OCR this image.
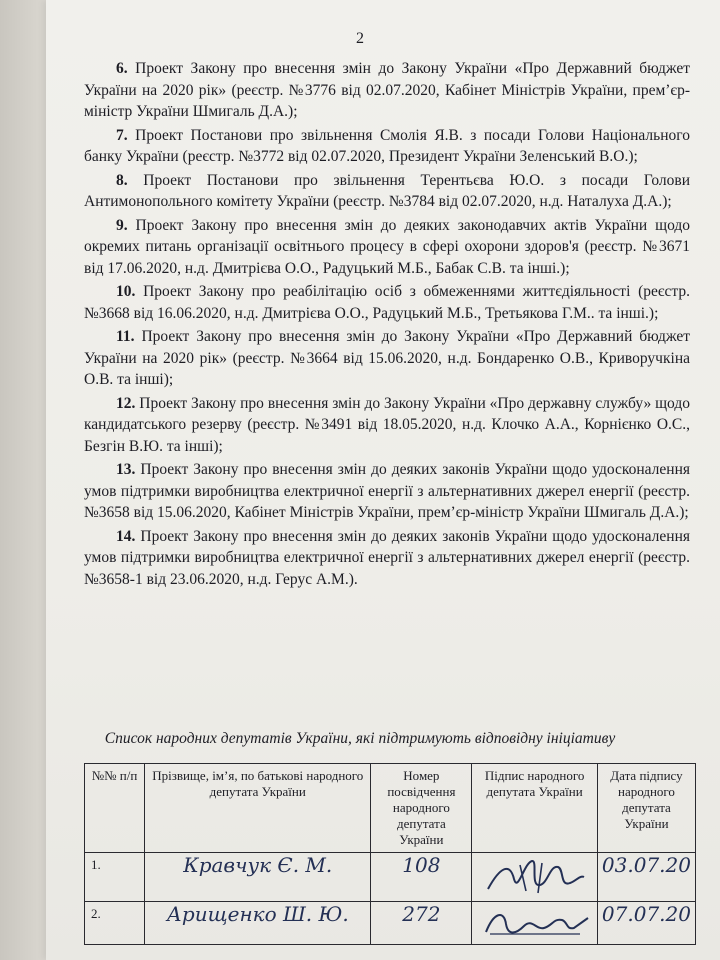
2

6. Проект Закону про внесення змін до Закону України «Про Державний бюджет України на 2020 рік» (реєстр. №3776 від 02.07.2020, Кабінет Міністрів України, прем’єр-міністр України Шмигаль Д.А.);

7. Проект Постанови про звільнення Смолія Я.В. з посади Голови Національного банку України (реєстр. №3772 від 02.07.2020, Президент України Зеленський В.О.);

8. Проект Постанови про звільнення Терентьєва Ю.О. з посади Голови Антимонопольного комітету України (реєстр. №3784 від 02.07.2020, н.д. Наталуха Д.А.);

9. Проект Закону про внесення змін до деяких законодавчих актів України щодо окремих питань організації освітнього процесу в сфері охорони здоров'я (реєстр. №3671 від 17.06.2020, н.д. Дмитрієва О.О., Радуцький М.Б., Бабак С.В. та інші.);

10. Проект Закону про реабілітацію осіб з обмеженнями життєдіяльності (реєстр. №3668 від 16.06.2020, н.д. Дмитрієва О.О., Радуцький М.Б., Третьякова Г.М.. та інші.);

11. Проект Закону про внесення змін до Закону України «Про Державний бюджет України на 2020 рік» (реєстр. №3664 від 15.06.2020, н.д. Бондаренко О.В., Криворучкіна О.В. та інші);

12. Проект Закону про внесення змін до Закону України «Про державну службу» щодо кандидатського резерву (реєстр. №3491 від 18.05.2020, н.д. Клочко А.А., Корнієнко О.С., Безгін В.Ю. та інші);

13. Проект Закону про внесення змін до деяких законів України щодо удосконалення умов підтримки виробництва електричної енергії з альтернативних джерел енергії (реєстр. №3658 від 15.06.2020, Кабінет Міністрів України, прем’єр-міністр України Шмигаль Д.А.);

14. Проект Закону про внесення змін до деяких законів України щодо удосконалення умов підтримки виробництва електричної енергії з альтернативних джерел енергії (реєстр. №3658-1 від 23.06.2020, н.д. Герус А.М.).

Список народних депутатів України, які підтримують відповідну ініціативу
№№ п/п	Прізвище, ім’я, по батькові народного депутата України	Номер посвідчення народного депутата України	Підпис народного депутата України	Дата підпису народного депутата України
1.	Кравчук Є. М.	108		03.07.20
2.	Арищенко Ш. Ю.	272		07.07.20
